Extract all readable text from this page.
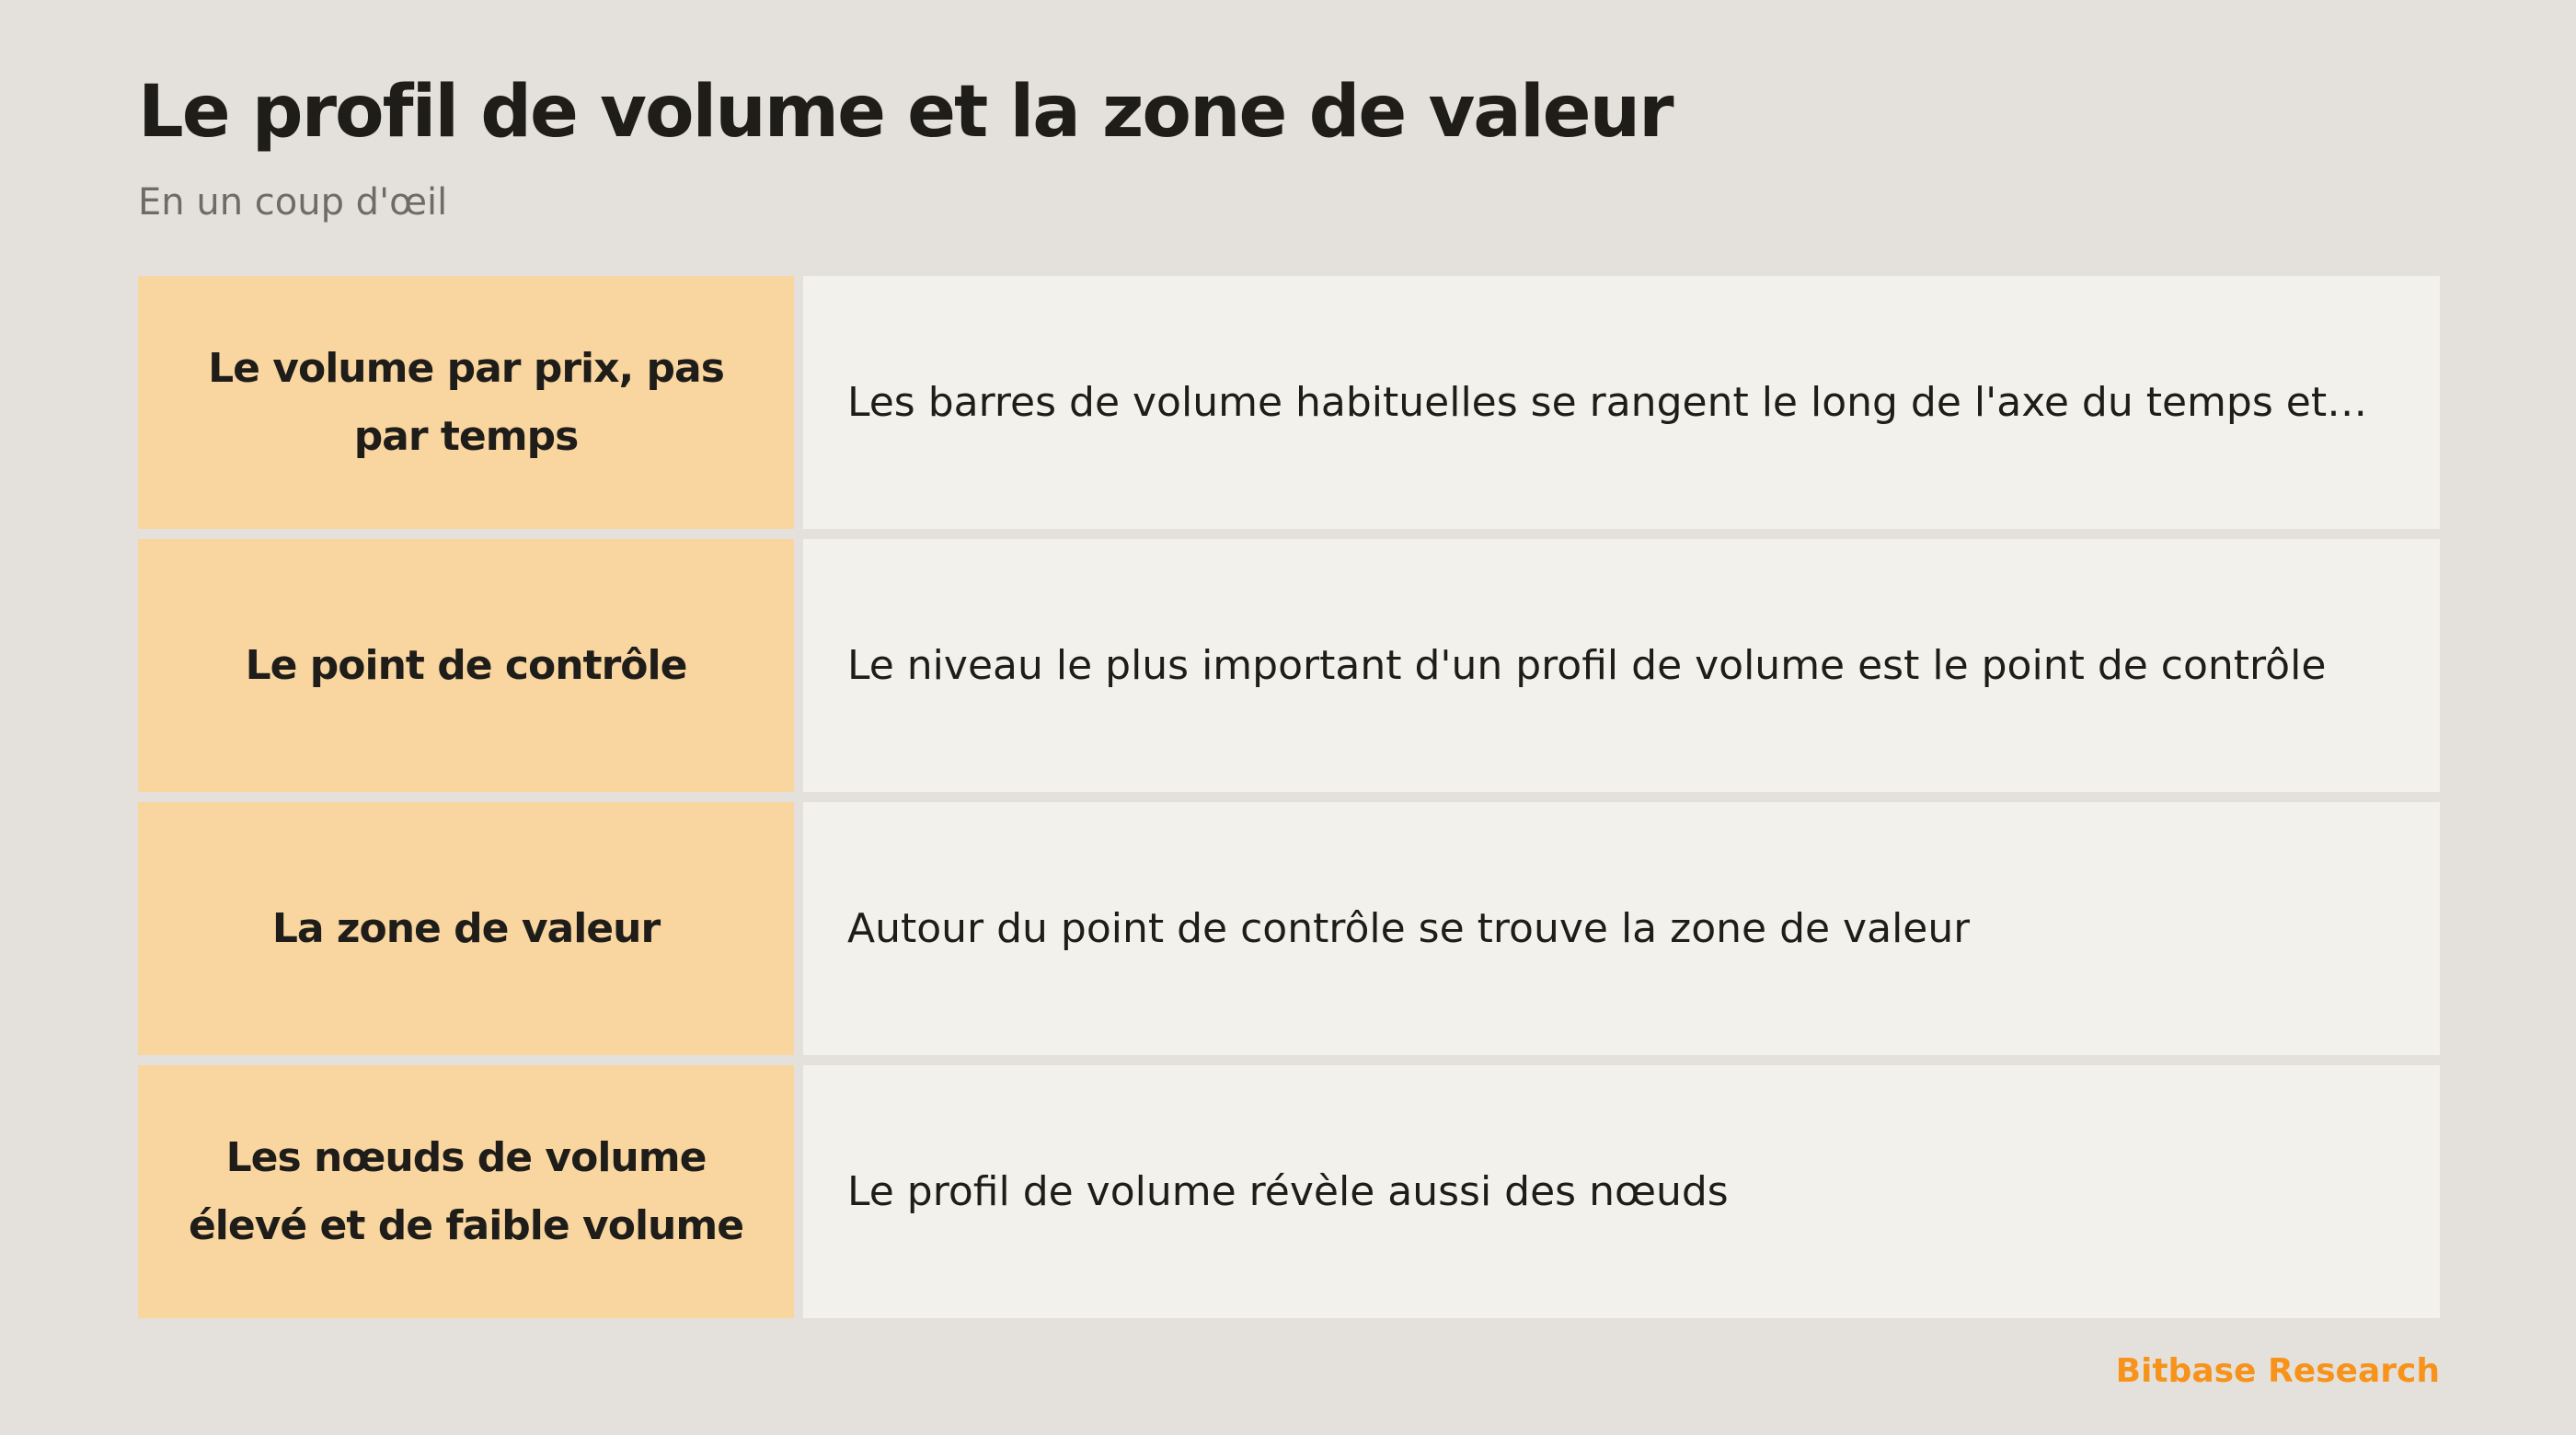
Le profil de volume et la zone de valeur

En un coup d'œil

Le volume par prix, pas par temps
Les barres de volume habituelles se rangent le long de l'axe du temps et…
Le point de contrôle	Le niveau le plus important d'un profil de volume est le point de contrôle
La zone de valeur	Autour du point de contrôle se trouve la zone de valeur
Les nœuds de volume élevé et de faible volume
Le profil de volume révèle aussi des nœuds

Bitbase Research
